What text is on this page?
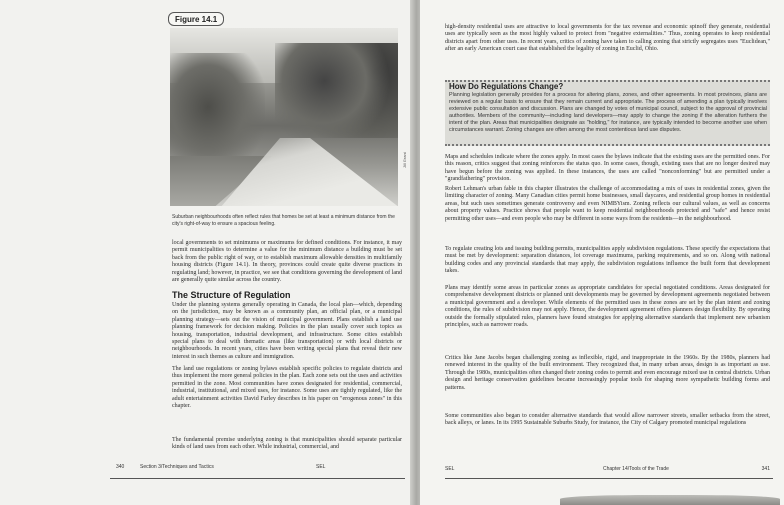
Figure 14.1
Jill Grant
Suburban neighbourhoods often reflect rules that homes be set at least a minimum distance from the city's right-of-way to ensure a spacious feeling.
local governments to set minimums or maximums for defined conditions. For instance, it may permit municipalities to determine a value for the minimum distance a building must be set back from the public right of way, or to establish maximum allowable densities in multifamily housing districts (Figure 14.1). In theory, provinces could create quite diverse practices in regulating land; however, in practice, we see that conditions governing the development of land are generally quite similar across the country.
The Structure of Regulation
Under the planning systems generally operating in Canada, the local plan—which, depending on the jurisdiction, may be known as a community plan, an official plan, or a municipal planning strategy—sets out the vision of municipal government. Plans establish a land use planning framework for decision making. Policies in the plan usually cover such topics as housing, transportation, industrial development, and infrastructure. Some cities establish special plans to deal with thematic areas (like transportation) or with local districts or neighbourhoods. In recent years, cities have been writing special plans that reveal their new interest in such themes as culture and immigration.
The land use regulations or zoning bylaws establish specific policies to regulate districts and thus implement the more general policies in the plan. Each zone sets out the uses and activities permitted in the zone. Most communities have zones designated for residential, commercial, industrial, institutional, and mixed uses, for instance. Some uses are tightly regulated, like the adult entertainment activities David Farley describes in his paper on "erogenous zones" in this chapter.
The fundamental premise underlying zoning is that municipalities should separate particular kinds of land uses from each other. While industrial, commercial, and
340	Section 3/Techniques and Tactics	SEL
high-density residential uses are attractive to local governments for the tax revenue and economic spinoff they generate, residential uses are typically seen as the most highly valued to protect from "negative externalities." Thus, zoning operates to keep residential districts apart from other uses. In recent years, critics of zoning have taken to calling zoning that strictly segregates uses "Euclidean," after an early American court case that established the legality of zoning in Euclid, Ohio.
How Do Regulations Change?
Planning legislation generally provides for a process for altering plans, zones, and other agreements. In most provinces, plans are reviewed on a regular basis to ensure that they remain current and appropriate. The process of amending a plan typically involves extensive public consultation and discussion. Plans are changed by votes of municipal council, subject to the approval of provincial authorities. Members of the community—including land developers—may apply to change the zoning if the alteration furthers the intent of the plan. Areas that municipalities designate as "holding," for instance, are typically intended to become another use when circumstances warrant. Zoning changes are often among the most contentious land use disputes.
Maps and schedules indicate where the zones apply. In most cases the bylaws indicate that the existing uses are the permitted ones. For this reason, critics suggest that zoning reinforces the status quo. In some cases, though, existing uses that are no longer desired may have begun before the zoning was applied. In these instances, the uses are called "nonconforming" but are permitted under a "grandfathering" provision.
Robert Lehman's urban fable in this chapter illustrates the challenge of accommodating a mix of uses in residential zones, given the limiting character of zoning. Many Canadian cities permit home businesses, small daycares, and residential group homes in residential areas, but such uses sometimes generate controversy and even NIMBYism. Zoning reflects our cultural values, as well as concerns about property values. Practice shows that people want to keep residential neighbourhoods protected and "safe" and hence resist permitting other uses—and even people who may be different in some ways from the residents—in the neighbourhood.
To regulate creating lots and issuing building permits, municipalities apply subdivision regulations. These specify the expectations that must be met by development: separation distances, lot coverage maximums, parking requirements, and so on. Along with national building codes and any provincial standards that may apply, the subdivision regulations influence the built form that development takes.
Plans may identify some areas in particular zones as appropriate candidates for special negotiated conditions. Areas designated for comprehensive development districts or planned unit developments may be governed by development agreements negotiated between a municipal government and a developer. While elements of the permitted uses in these zones are set by the plan intent and zoning conditions, the rules of subdivision may not apply. Hence, the development agreement offers planners design flexibility. By operating outside the formally stipulated rules, planners have found strategies for applying alternative standards that implement new urbanism principles, such as narrower roads.
Critics like Jane Jacobs began challenging zoning as inflexible, rigid, and inappropriate in the 1960s. By the 1980s, planners had renewed interest in the quality of the built environment. They recognized that, in many urban areas, design is as important as use. Through the 1980s, municipalities often changed their zoning codes to permit and even encourage mixed use in central districts. Urban design and heritage conservation guidelines became increasingly popular tools for shaping more sympathetic building forms and patterns.
Some communities also began to consider alternative standards that would allow narrower streets, smaller setbacks from the street, back alleys, or lanes. In its 1995 Sustainable Suburbs Study, for instance, the City of Calgary promoted municipal regulations
SEL	Chapter 14/Tools of the Trade	341
